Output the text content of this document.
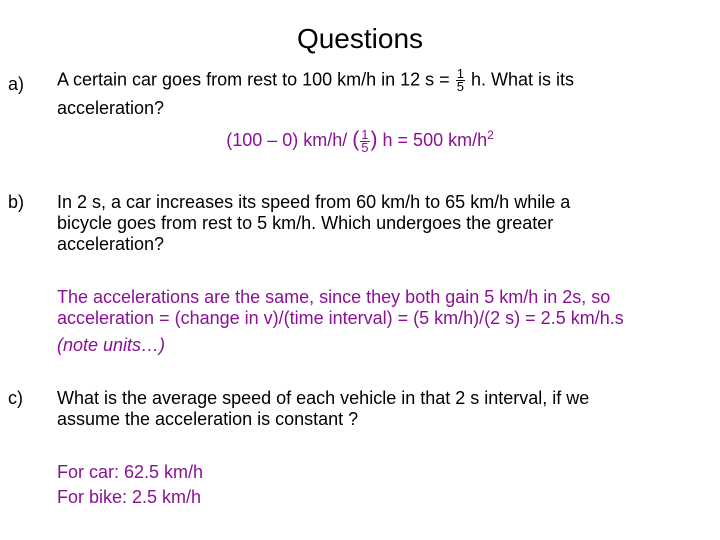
Questions
a) A certain car goes from rest to 100 km/h in 12 $s = \frac{1}{5} h$. What is its
acceleration?
(100 – 0) km/h/ ( $\frac{1}{5}$ ) h = 500 $km/h^2$
b) In 2 s, a car increases its speed from 60 km/h to 65 km/h while a
bicycle goes from rest to 5 km/h. Which undergoes the greater
acceleration?
The accelerations are the same, since they both gain 5 km/h in 2s, so
acceleration = (change in v)/(time interval) = (5 km/h)/(2 s) = 2.5 km/h.s
(note units…)
c) What is the average speed of each vehicle in that 2 s interval, if we
assume the acceleration is constant ?
For car: 62.5 km/h
For bike: 2.5 km/h
